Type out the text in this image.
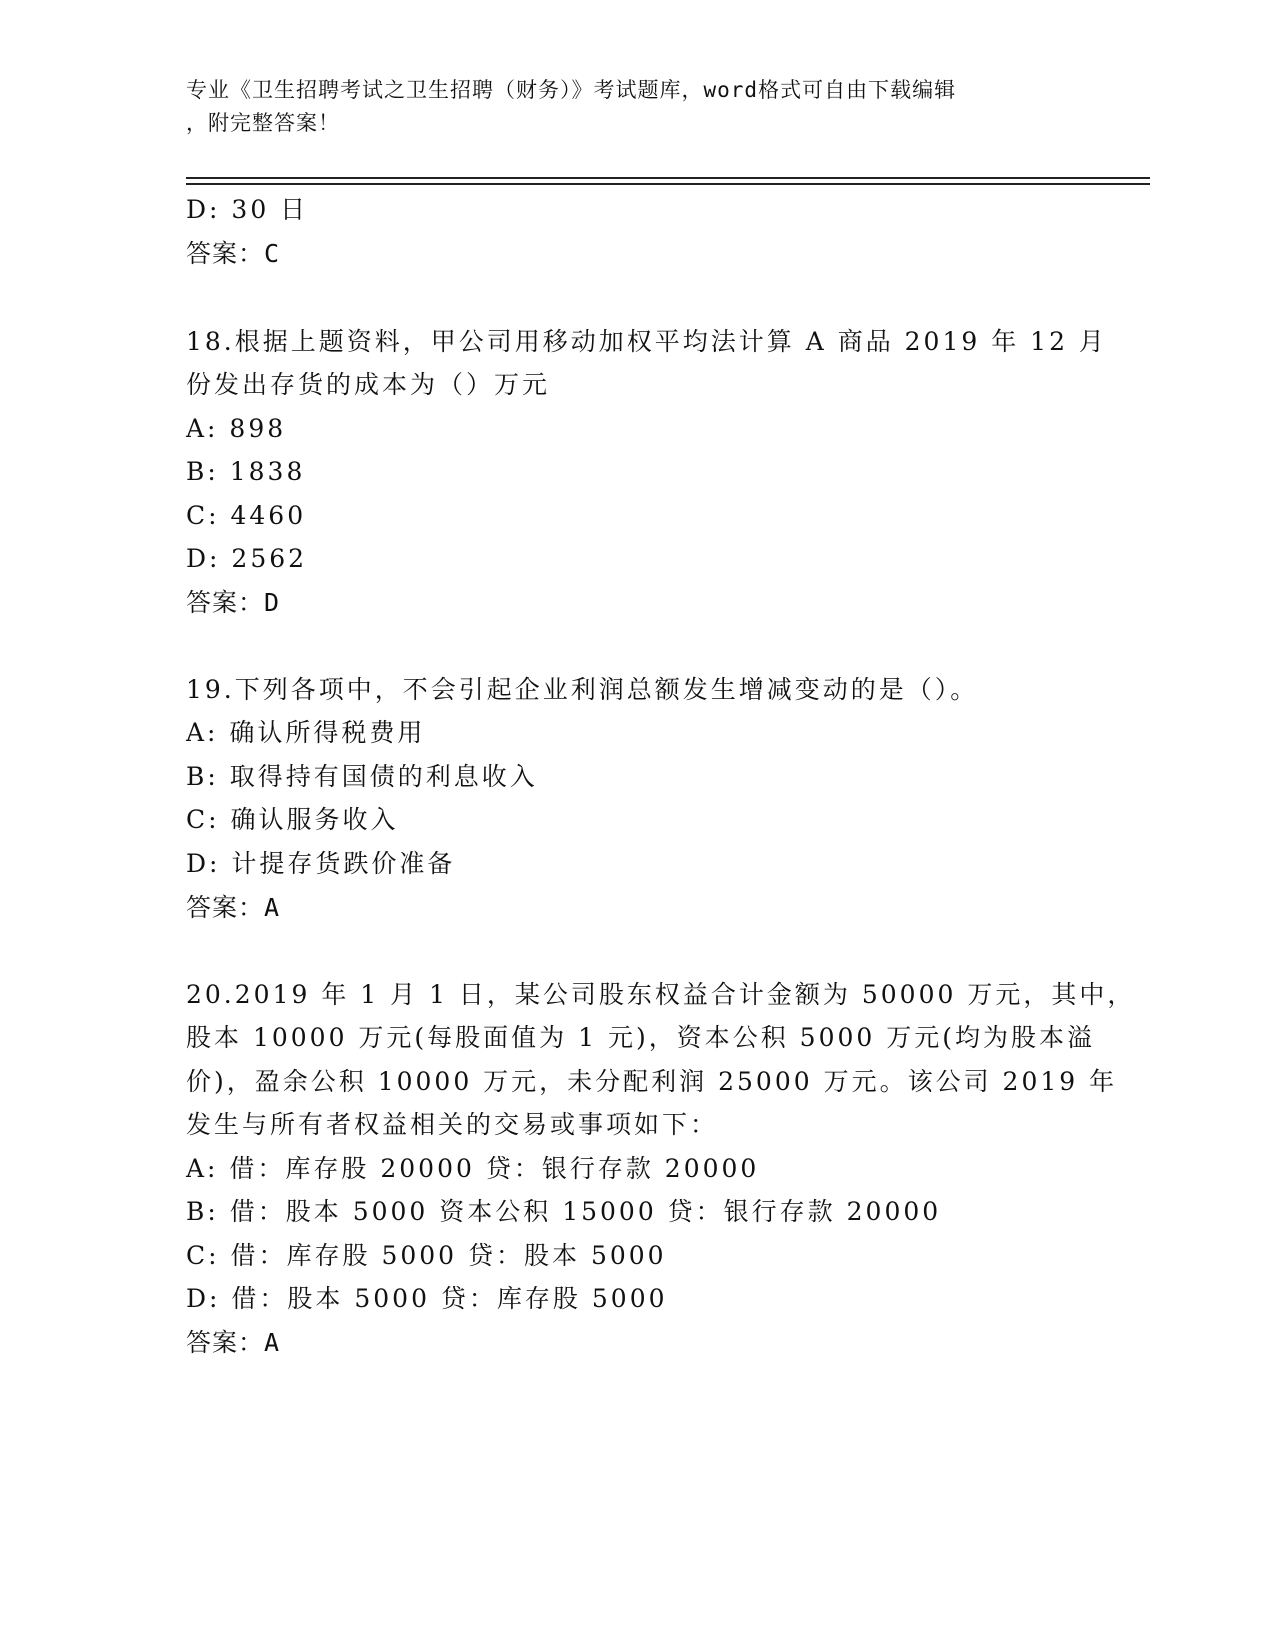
专业《卫生招聘考试之卫生招聘（财务）》考试题库，word格式可自由下载编辑
，附完整答案！
D: 30 日
答案：C
18.根据上题资料，甲公司用移动加权平均法计算 A 商品 2019 年 12 月
份发出存货的成本为（）万元
A: 898
B: 1838
C: 4460
D: 2562
答案：D
19.下列各项中，不会引起企业利润总额发生增减变动的是（）。
A: 确认所得税费用
B: 取得持有国债的利息收入
C: 确认服务收入
D: 计提存货跌价准备
答案：A
20.2019 年 1 月 1 日，某公司股东权益合计金额为 50000 万元，其中，
股本 10000 万元(每股面值为 1 元)，资本公积 5000 万元(均为股本溢
价)，盈余公积 10000 万元，未分配利润 25000 万元。该公司 2019 年
发生与所有者权益相关的交易或事项如下：
A: 借：库存股 20000 贷：银行存款 20000
B: 借：股本 5000 资本公积 15000 贷：银行存款 20000
C: 借：库存股 5000 贷：股本 5000
D: 借：股本 5000 贷：库存股 5000
答案：A
